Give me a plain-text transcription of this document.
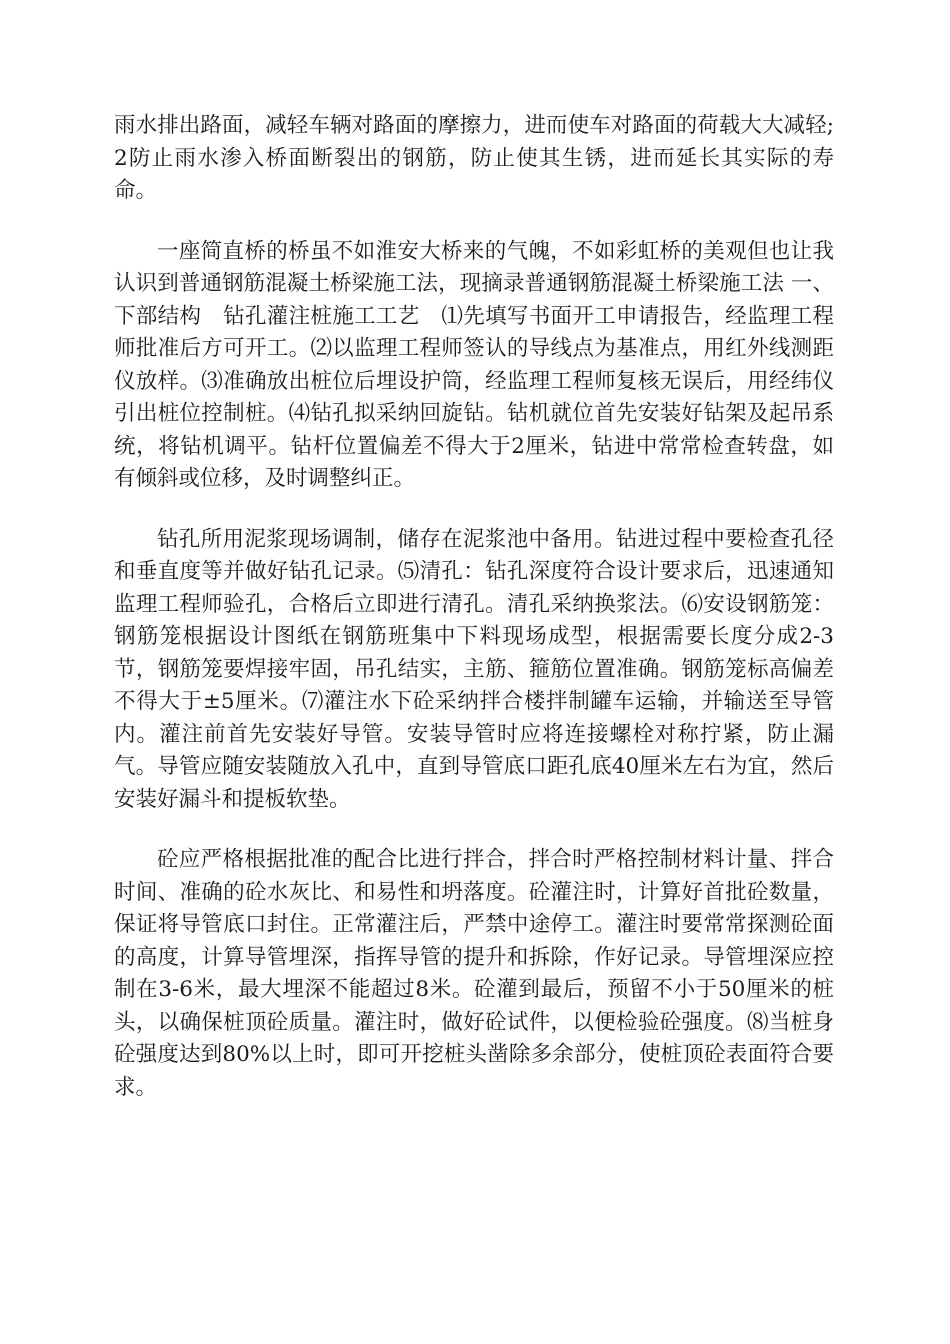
雨水排出路面，减轻车辆对路面的摩擦力，进而使车对路面的荷载大大减轻;2防止雨水渗入桥面断裂出的钢筋，防止使其生锈，进而延长其实际的寿命。

一座简直桥的桥虽不如淮安大桥来的气魄，不如彩虹桥的美观但也让我认识到普通钢筋混凝土桥梁施工法，现摘录普通钢筋混凝土桥梁施工法 一、下部结构　钻孔灌注桩施工工艺　⑴先填写书面开工申请报告，经监理工程师批准后方可开工。⑵以监理工程师签认的导线点为基准点，用红外线测距仪放样。⑶准确放出桩位后埋设护筒，经监理工程师复核无误后，用经纬仪引出桩位控制桩。⑷钻孔拟采纳回旋钻。钻机就位首先安装好钻架及起吊系统，将钻机调平。钻杆位置偏差不得大于2厘米，钻进中常常检查转盘，如有倾斜或位移，及时调整纠正。

钻孔所用泥浆现场调制，储存在泥浆池中备用。钻进过程中要检查孔径和垂直度等并做好钻孔记录。⑸清孔：钻孔深度符合设计要求后，迅速通知监理工程师验孔，合格后立即进行清孔。清孔采纳换浆法。⑹安设钢筋笼：钢筋笼根据设计图纸在钢筋班集中下料现场成型，根据需要长度分成2-3节，钢筋笼要焊接牢固，吊孔结实，主筋、箍筋位置准确。钢筋笼标高偏差不得大于±5厘米。⑺灌注水下砼采纳拌合楼拌制罐车运输，并输送至导管内。灌注前首先安装好导管。安装导管时应将连接螺栓对称拧紧，防止漏气。导管应随安装随放入孔中，直到导管底口距孔底40厘米左右为宜，然后安装好漏斗和提板软垫。

砼应严格根据批准的配合比进行拌合，拌合时严格控制材料计量、拌合时间、准确的砼水灰比、和易性和坍落度。砼灌注时，计算好首批砼数量，保证将导管底口封住。正常灌注后，严禁中途停工。灌注时要常常探测砼面的高度，计算导管埋深，指挥导管的提升和拆除，作好记录。导管埋深应控制在3-6米，最大埋深不能超过8米。砼灌到最后，预留不小于50厘米的桩头，以确保桩顶砼质量。灌注时，做好砼试件，以便检验砼强度。⑻当桩身砼强度达到80%以上时，即可开挖桩头凿除多余部分，使桩顶砼表面符合要求。
